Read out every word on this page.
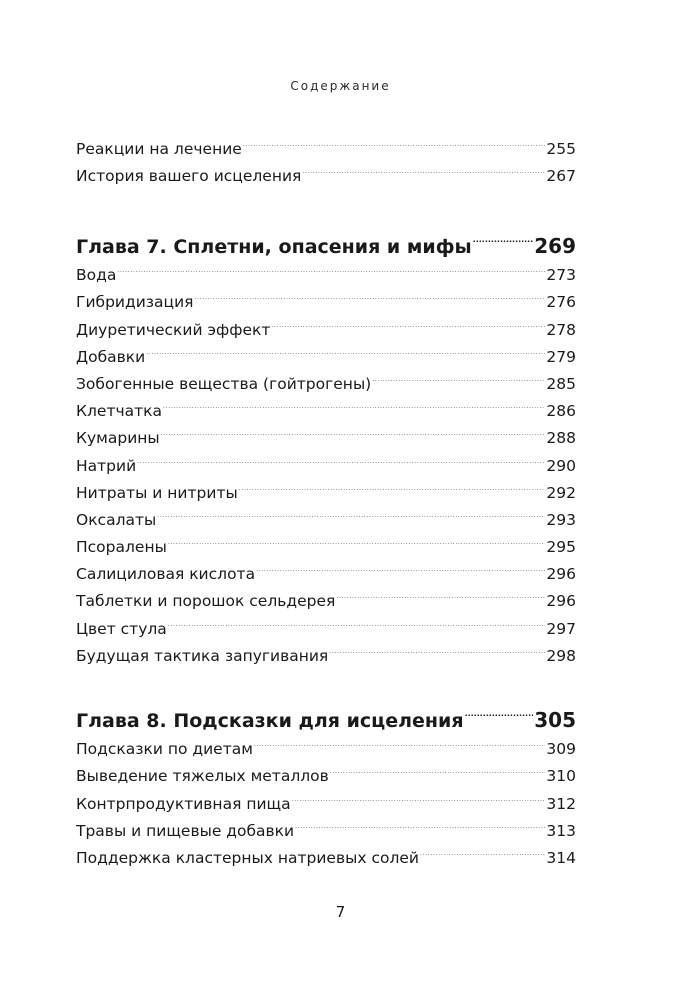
Содержание
Реакции на лечение . . .	255
История вашего исцеления . . .	267
Глава 7. Сплетни, опасения и мифы . . .	269
Вода . . .	273
Гибридизация . . .	276
Диуретический эффект . . .	278
Добавки . . .	279
Зобогенные вещества (гойтрогены) . . .	285
Клетчатка . . .	286
Кумарины . . .	288
Натрий . . .	290
Нитраты и нитриты . . .	292
Оксалаты . . .	293
Псоралены . . .	295
Салициловая кислота . . .	296
Таблетки и порошок сельдерея . . .	296
Цвет стула . . .	297
Будущая тактика запугивания . . .	298
Глава 8. Подсказки для исцеления . . .	305
Подсказки по диетам . . .	309
Выведение тяжелых металлов . . .	310
Контрпродуктивная пища . . .	312
Травы и пищевые добавки . . .	313
Поддержка кластерных натриевых солей . . .	314
7
